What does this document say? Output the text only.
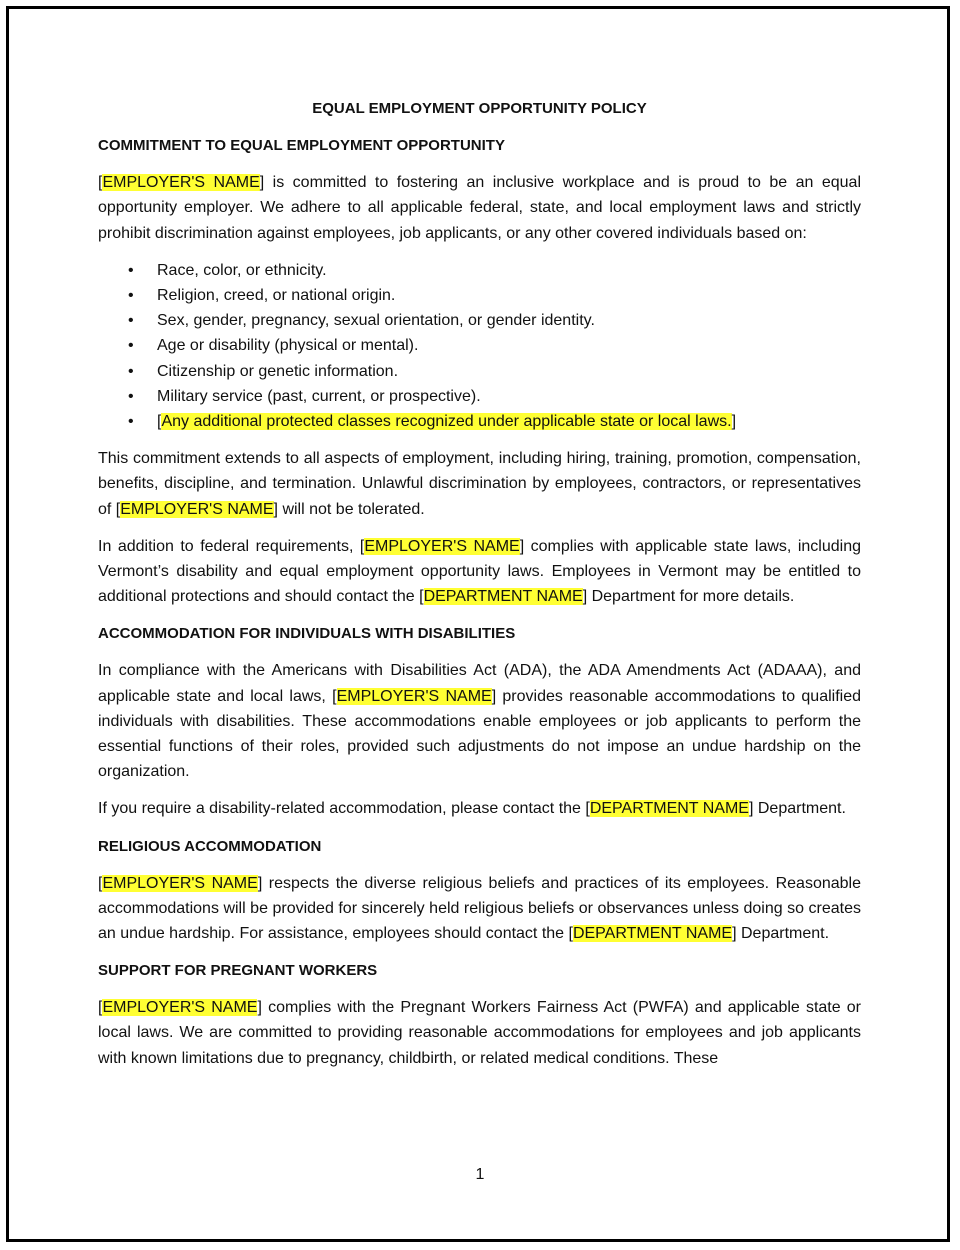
EQUAL EMPLOYMENT OPPORTUNITY POLICY
COMMITMENT TO EQUAL EMPLOYMENT OPPORTUNITY

[EMPLOYER'S NAME] is committed to fostering an inclusive workplace and is proud to be an equal opportunity employer. We adhere to all applicable federal, state, and local employment laws and strictly prohibit discrimination against employees, job applicants, or any other covered individuals based on:

• Race, color, or ethnicity.
• Religion, creed, or national origin.
• Sex, gender, pregnancy, sexual orientation, or gender identity.
• Age or disability (physical or mental).
• Citizenship or genetic information.
• Military service (past, current, or prospective).
• [Any additional protected classes recognized under applicable state or local laws.]

This commitment extends to all aspects of employment, including hiring, training, promotion, compensation, benefits, discipline, and termination. Unlawful discrimination by employees, contractors, or representatives of [EMPLOYER'S NAME] will not be tolerated.

In addition to federal requirements, [EMPLOYER'S NAME] complies with applicable state laws, including Vermont’s disability and equal employment opportunity laws. Employees in Vermont may be entitled to additional protections and should contact the [DEPARTMENT NAME] Department for more details.

ACCOMMODATION FOR INDIVIDUALS WITH DISABILITIES

In compliance with the Americans with Disabilities Act (ADA), the ADA Amendments Act (ADAAA), and applicable state and local laws, [EMPLOYER'S NAME] provides reasonable accommodations to qualified individuals with disabilities. These accommodations enable employees or job applicants to perform the essential functions of their roles, provided such adjustments do not impose an undue hardship on the organization.

If you require a disability-related accommodation, please contact the [DEPARTMENT NAME] Department.

RELIGIOUS ACCOMMODATION

[EMPLOYER'S NAME] respects the diverse religious beliefs and practices of its employees. Reasonable accommodations will be provided for sincerely held religious beliefs or observances unless doing so creates an undue hardship. For assistance, employees should contact the [DEPARTMENT NAME] Department.

SUPPORT FOR PREGNANT WORKERS

[EMPLOYER'S NAME] complies with the Pregnant Workers Fairness Act (PWFA) and applicable state or local laws. We are committed to providing reasonable accommodations for employees and job applicants with known limitations due to pregnancy, childbirth, or related medical conditions. These

1
